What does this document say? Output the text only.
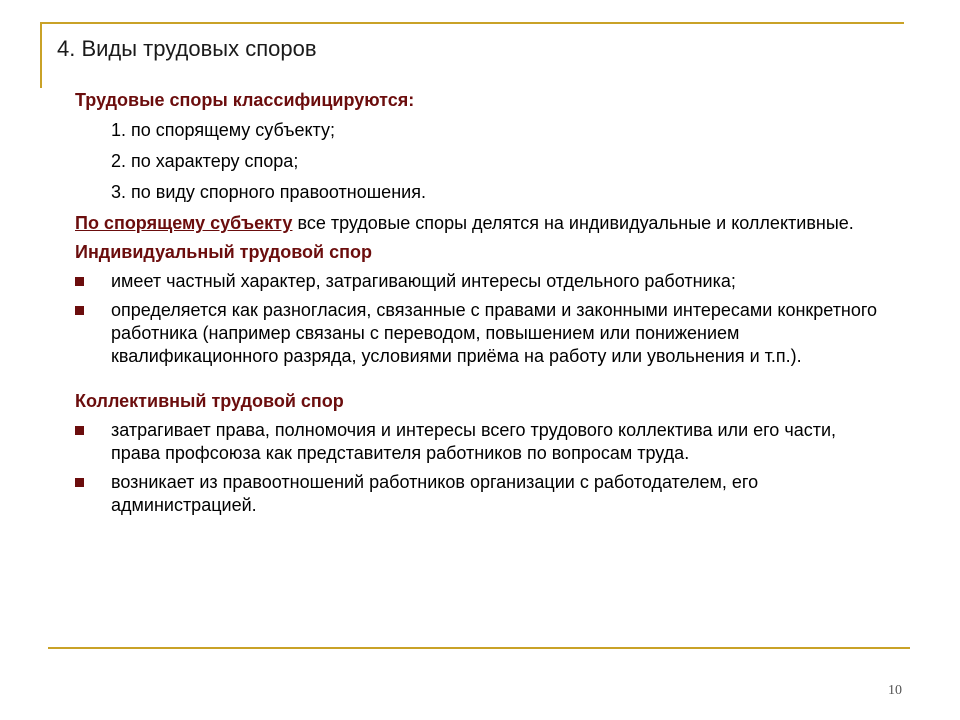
4. Виды трудовых споров
Трудовые споры классифицируются:
1. по спорящему субъекту;
2. по характеру спора;
3. по виду спорного правоотношения.
По спорящему субъекту все трудовые споры делятся на индивидуальные и коллективные.
Индивидуальный трудовой спор
имеет частный характер, затрагивающий интересы отдельного работника;
определяется как разногласия, связанные с правами и законными интересами конкретного работника (например связаны с переводом, повышением или понижением квалификационного разряда, условиями приёма на работу или увольнения и т.п.).
Коллективный трудовой спор
затрагивает права, полномочия и интересы всего трудового коллектива или его части, права профсоюза как представителя работников по вопросам труда.
возникает из правоотношений работников организации с работодателем, его администрацией.
10
